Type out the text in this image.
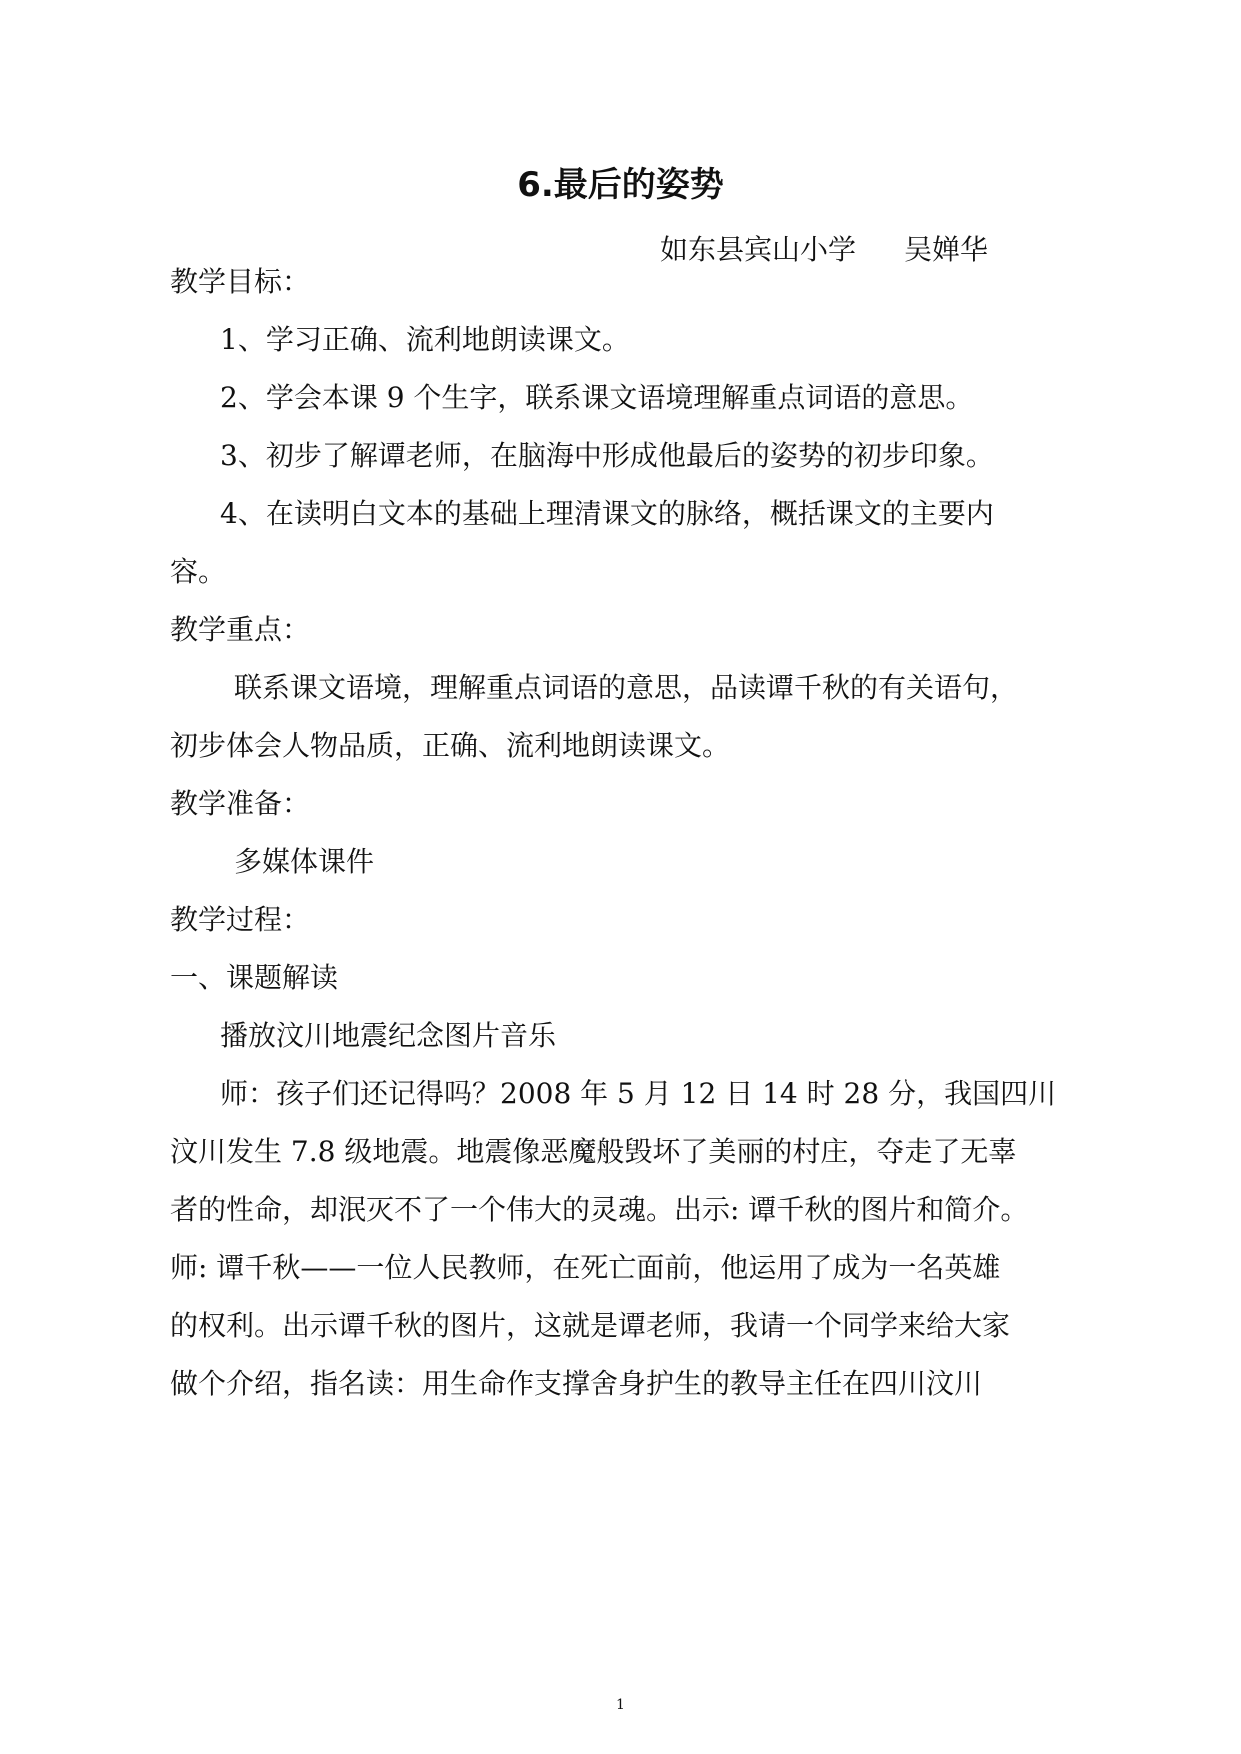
6.最后的姿势
如东县宾山小学 吴婵华
教学目标：
1、学习正确、流利地朗读课文。
2、学会本课 9 个生字，联系课文语境理解重点词语的意思。
3、初步了解谭老师，在脑海中形成他最后的姿势的初步印象。
4、在读明白文本的基础上理清课文的脉络，概括课文的主要内
容。
教学重点：
联系课文语境，理解重点词语的意思，品读谭千秋的有关语句，
初步体会人物品质，正确、流利地朗读课文。
教学准备：
多媒体课件
教学过程：
一、课题解读
播放汶川地震纪念图片音乐
师：孩子们还记得吗？2008 年 5 月 12 日 14 时 28 分，我国四川
汶川发生 7.8 级地震。地震像恶魔般毁坏了美丽的村庄，夺走了无辜
者的性命，却泯灭不了一个伟大的灵魂。出示: 谭千秋的图片和简介。
师: 谭千秋——一位人民教师，在死亡面前，他运用了成为一名英雄
的权利。出示谭千秋的图片，这就是谭老师，我请一个同学来给大家
做个介绍，指名读：用生命作支撑舍身护生的教导主任在四川汶川
1
